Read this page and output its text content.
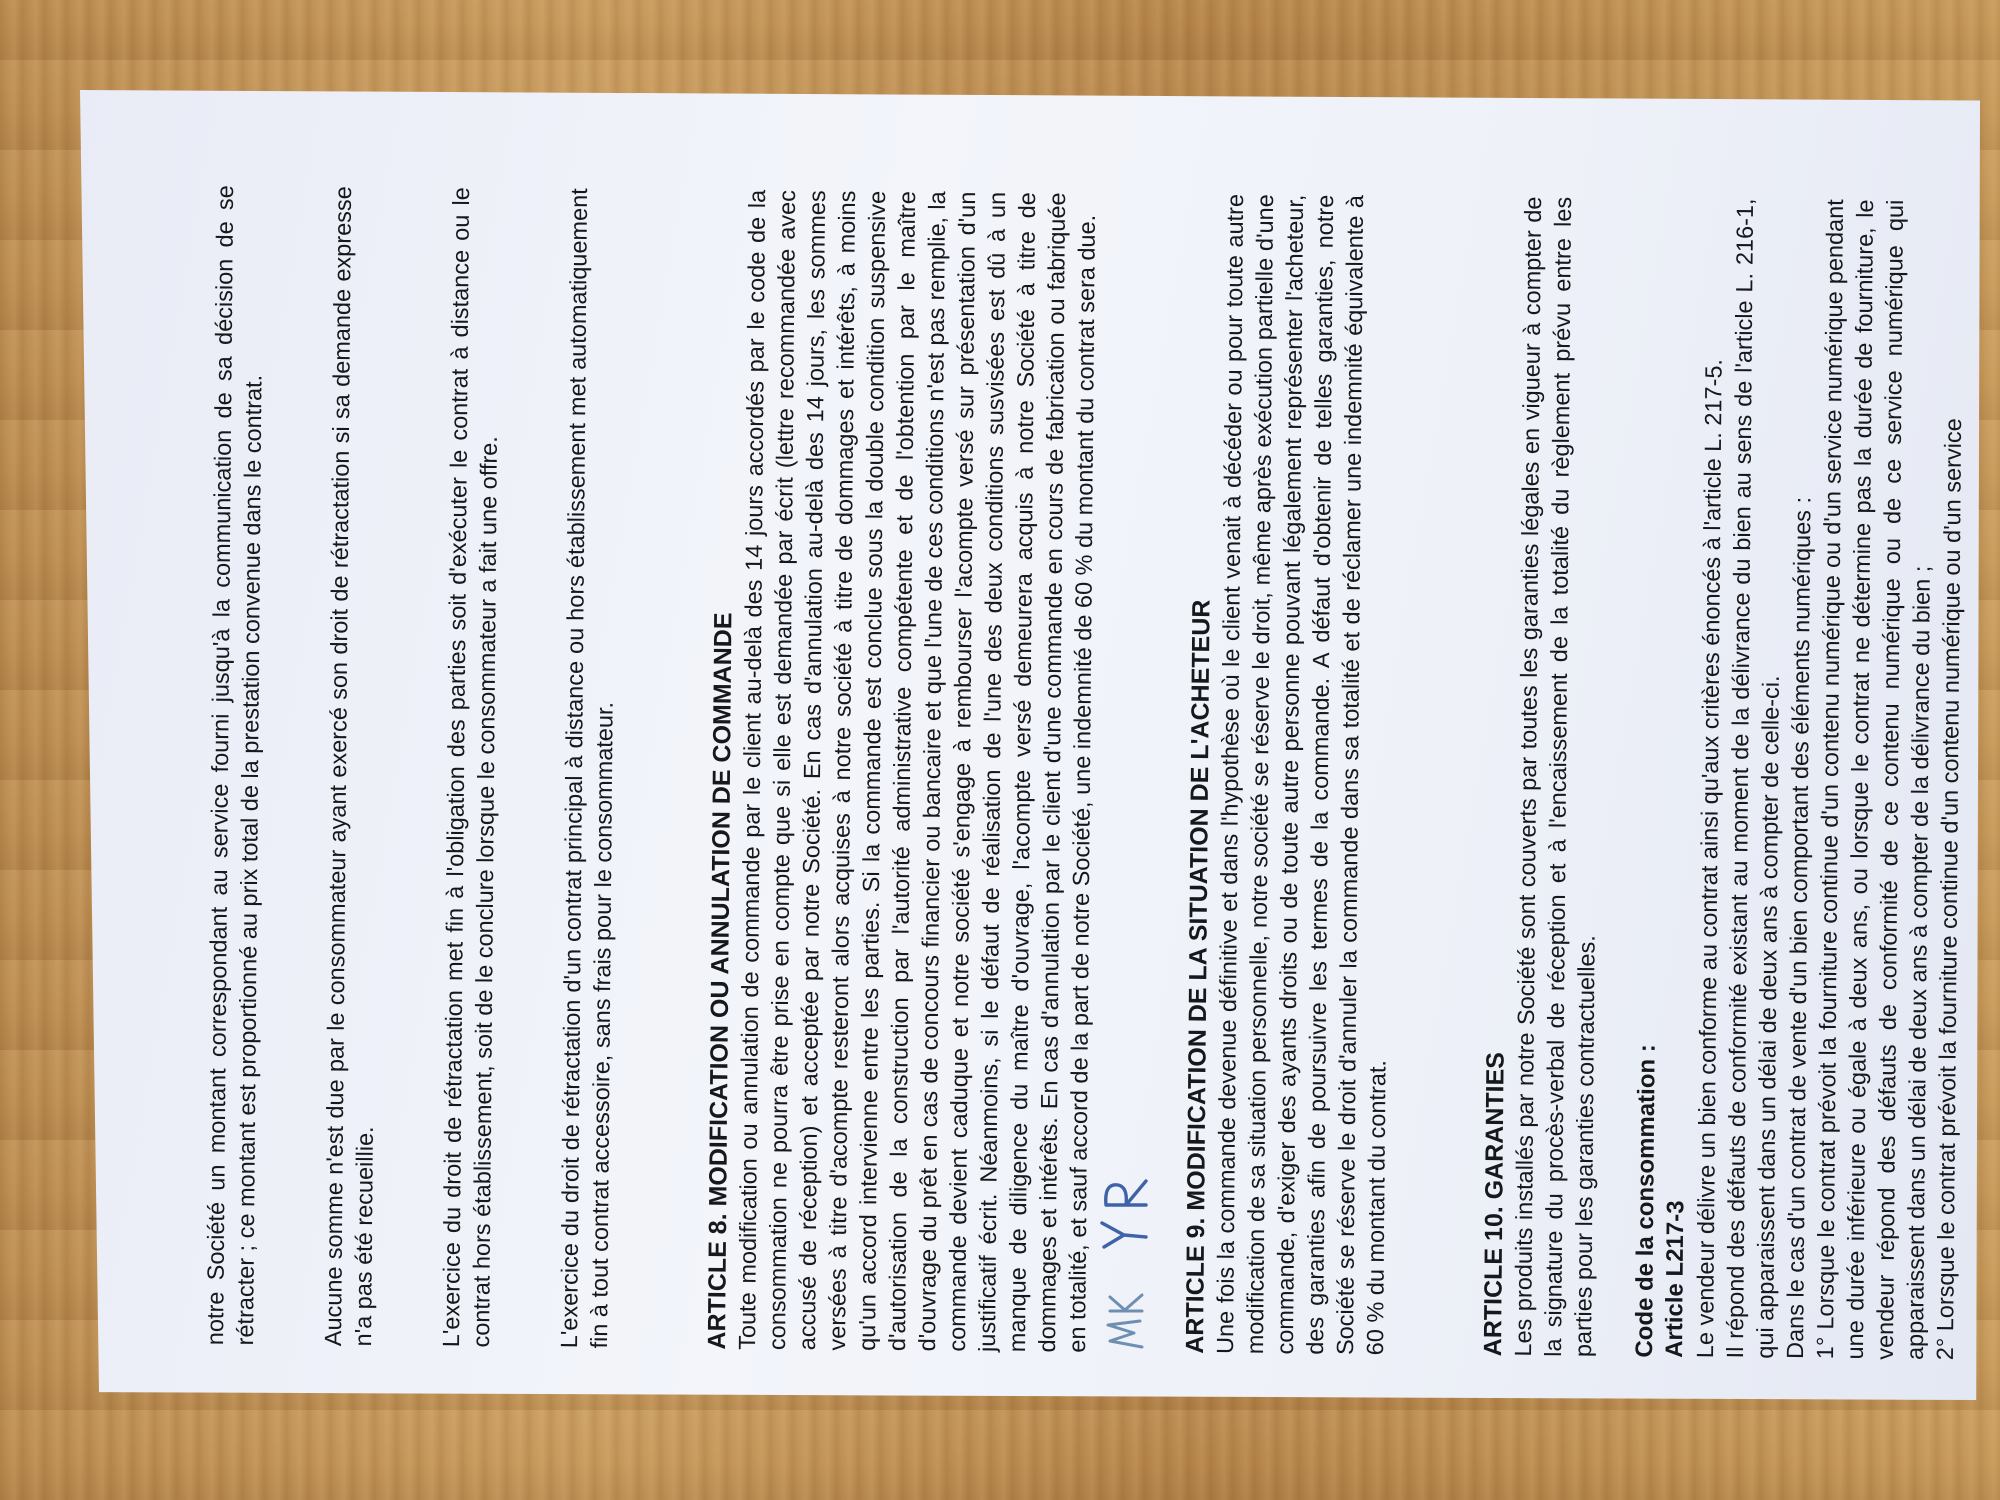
notre Société un montant correspondant au service fourni jusqu'à la communication de sa décision de se rétracter ; ce montant est proportionné au prix total de la prestation convenue dans le contrat. Aucune somme n'est due par le consommateur ayant exercé son droit de rétractation si sa demande expresse n'a pas été recueillie.	L'exercice du droit de rétractation met fin à l'obligation des parties soit d'exécuter le contrat à distance ou le contrat hors établissement, soit de le conclure lorsque le consommateur a fait une offre. L'exercice du droit de rétractation d'un contrat principal à distance ou hors établissement met automatiquement fin à tout contrat accessoire, sans frais pour le consommateur.	ARTICLE 8. MODIFICATION OU ANNULATION DE COMMANDE

Toute modification ou annulation de commande par le client au-delà des 14 jours accordés par le code de la consommation ne pourra être prise en compte que si elle est demandée par écrit (lettre recommandée avec accusé de réception) et acceptée par notre Société. En cas d'annulation au-delà des 14 jours, les sommes versées à titre d'acompte resteront alors acquises à notre société à titre de dommages et intérêts, à moins qu'un accord intervienne entre les parties. Si la commande est conclue sous la double condition suspensive d'autorisation de la construction par l'autorité administrative compétente et de l'obtention par le maître d'ouvrage du prêt en cas de concours financier ou bancaire et que l'une de ces conditions n'est pas remplie, la commande devient caduque et notre société s'engage à rembourser l'acompte versé sur présentation d'un justificatif écrit. Néanmoins, si le défaut de réalisation de l'une des deux conditions susvisées est dû à un manque de diligence du maître d'ouvrage, l'acompte versé demeurera acquis à notre Société à titre de dommages et intérêts. En cas d'annulation par le client d'une commande en cours de fabrication ou fabriquée en totalité, et sauf accord de la part de notre Société, une indemnité de 60 % du montant du contrat sera due.	ARTICLE 9. MODIFICATION DE LA SITUATION DE L'ACHETEUR

Une fois la commande devenue définitive et dans l'hypothèse où le client venait à décéder ou pour toute autre modification de sa situation personnelle, notre société se réserve le droit, même après exécution partielle d'une commande, d'exiger des ayants droits ou de toute autre personne pouvant légalement représenter l'acheteur, des garanties afin de poursuivre les termes de la commande. A défaut d'obtenir de telles garanties, notre Société se réserve le droit d'annuler la commande dans sa totalité et de réclamer une indemnité équivalente à 60 % du montant du contrat.	ARTICLE 10. GARANTIES Les produits installés par notre Société sont couverts par toutes les garanties légales en vigueur à compter de la signature du procès-verbal de réception et à l'encaissement de la totalité du règlement prévu entre les parties pour les garanties contractuelles.	Code de la consommation : Article L217-3 Le vendeur délivre un bien conforme au contrat ainsi qu'aux critères énoncés à l'article L. 217-5.

Il répond des défauts de conformité existant au moment de la délivrance du bien au sens de l'article L. 216-1, qui apparaissent dans un délai de deux ans à compter de celle-ci.

Dans le cas d'un contrat de vente d'un bien comportant des éléments numériques :

1° Lorsque le contrat prévoit la fourniture continue d'un contenu numérique ou d'un service numérique pendant une durée inférieure ou égale à deux ans, ou lorsque le contrat ne détermine pas la durée de fourniture, le vendeur répond des défauts de conformité de ce contenu numérique ou de ce service numérique qui apparaissent dans un délai de deux ans à compter de la délivrance du bien ;

2° Lorsque le contrat prévoit la fourniture continue d'un contenu numérique ou d'un service
